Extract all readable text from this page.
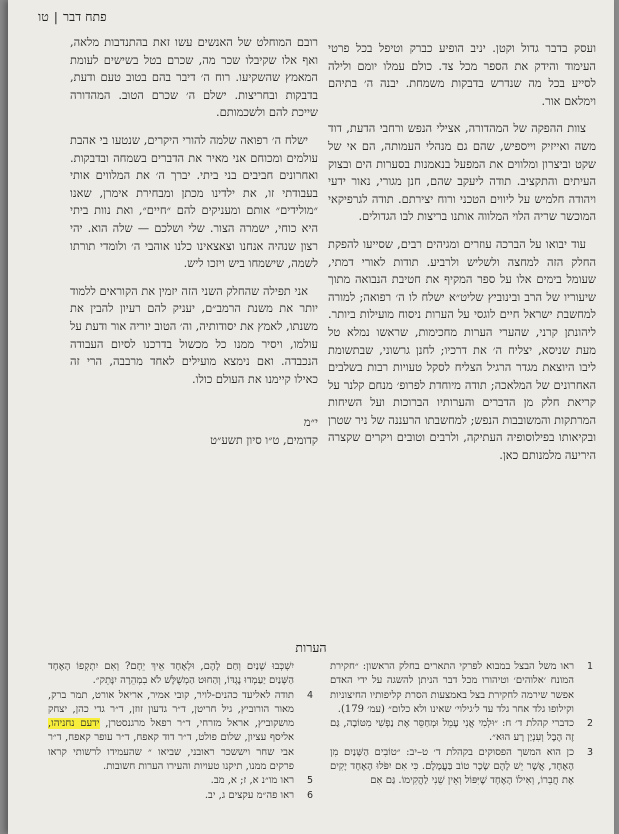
פתח דבר
|
טו

ועסק בדבר גדול וקטן. יניב הופיע כברק וטיפל בכל פרטי העימוד והידק את הספר מכל צד. כולם עמלו יומם ולילה לסייע בכל מה שנדרש בדבקות משמחת. יבנה ה׳ בתיהם וימלאם אור.

צוות ההפקה של המהדורה, אצילי הנפש ורחבי הדעת, דוד משה ואייזיק וייספיש, שהם גם מנהלי העמותה, הם אי של שקט וביצרון ומלווים את המפעל בנאמנות בסערות הים ובצוק העיתים והתקציב. תודה ליעקב שהם, חנן מגורי, נאור ידעי ויהודה חלמיש על ליווים הטכני ורוח יצירתם. תודה לגרפיקאי המוכשר שריה הלוי המלווה אותנו בריצות לבו הגדולים.

עוד יבואו על הברכה עוזרים ומגיהים רבים, שסייעו להפקת החלק הזה למחצה ולשליש ולרביע. תודות לאורי דמתי, שעומל בימים אלו על ספר המקיף את חטיבת הנבואה מתוך שיעוריו של הרב ובינוביץ שליט״א ישלח לו ה׳ רפואה; למורה למחשבת ישראל חיים לוגסי על הערות ניסוח מועילות ביותר. ליהונתן קרני, שהערי הערות מחכימות, שראשו נמלא טל מעת שניסא, יצליח ה׳ את דרכיו; לחנן גרשוני, שבתשומת ליבו היוצאת מגדר הרגיל הצליח לסקל טעויות רבות בשלבים האחרונים של המלאכה; תודה מיוחדת לפרופ׳ מנחם קלנר על קריאת חלק מן הדברים והערותיו הברוכות ועל השיחות המרתקות והמשובבות הנפש; למחשבתו הרעננה של ניר שטרן ובקיאותו בפילוסופיה העתיקה, ולרבים וטובים ויקרים שקצרה היריעה מלמנותם כאן.

רובם המוחלט של האנשים עשו זאת בהתנדבות מלאה, ואף אלו שקיבלו שכר מה, שכרם בטל בשישים לעומת המאמץ שהשקיעו. רוח ה׳ דיבר בהם בטוב טעם ודעת, בדבקות ובחריצות. ישלם ה׳ שכרם הטוב. המהדורה שייכת להם ולשכמותם.

ישלח ה׳ רפואה שלמה להורי היקרים, שנטעו בי אהבת עולמים ומכוחם אני מאיר את הדברים בשמחה ובדבקות. ואחרונים חביבים בני ביתי. יברך ה׳ את המלווים אותי בעבודתי זו, את ילדינו מכתן ומבחירת אימרן, שאנו ״מולידים״ אותם ומעניקים להם ״חיים״, ואת נוות ביתי היא כוחי, ישמרה הצור. שלי ושלכם — שלה הוא. יהי רצון שנהיה אנחנו וצאצאינו כלנו אוהבי ה׳ ולומדי תורתו לשמה, שישמחו ביש ויזכו ליש.

אני תפילה שהחלק השני הזה יזמין את הקוראים ללמוד יותר את משנת הרמב״ם, יעניק להם רעיון להבין את משנתו, לאמץ את יסודותיה, וה׳ הטוב יוריה אור ודעת על עולמו, ויסיר ממנו כל מכשול בדרכנו לסיום העבודה הנכבדה. ואם נימצא מועילים לאחד מרבבה, הרי זה כאילו קיימנו את העולם כולו.

י״מ

קדומים, ט״ו סיון תשע״ט

הערות
1
ראו משל הבצל במבוא לפרקי התארים בחלק הראשון: ״חקירת המונח ׳אלוהים׳ וטיהורו מכל דבר הניתן להשגה על ידי האדם אפשר שירמה לחקירת בצל באמצעות הסרת קליפותיו החיצוניות וקילופו גלד אחר גלד עד ל׳גילוי׳ שאינו ולא כלום״ (עמ׳ 179).
2
כדברי קהלת ד׳ ח: ״וּלְמִי אֲנִי עָמֵל וּמְחַסֵּר אֶת נַפְשִׁי מִטּוֹבָה, גַּם זֶה הֶבֶל וְעִנְיַן רָע הוּא״.
3
כן הוא המשך הפסוקים בקהלת ד׳ ט–יב: ״טוֹבִים הַשְּׁנַיִם מִן הָאֶחָד, אֲשֶׁר יֵשׁ לָהֶם שָׂכָר טוֹב בַּעֲמָלָם. כִּי אִם יִפֹּלוּ הָאֶחָד יָקִים אֶת חֲבֵרוֹ, וְאִילוֹ הָאֶחָד שֶׁיִּפּוֹל וְאֵין שֵׁנִי לַהֲקִימוֹ. גַּם אִם
יִשְׁכְּבוּ שְׁנַיִם וְחַם לָהֶם, וּלְאֶחָד אֵיךְ יֵחָם? וְאִם יִתְקְפוֹ הָאֶחָד הַשְּׁנַיִם יַעַמְדוּ נֶגְדּוֹ, וְהַחוּט הַמְשֻׁלָּשׁ לֹא בִמְהֵרָה יִנָּתֵק״.
4
תודה לאליעד כהנים-לויר, קובי אמיר, אריאל אורט, תמר ברק, מאור הורוביץ, גיל חריטן, ד״ר גדעון זוזן, ד״ר גדי כהן, יצחק מושקוביץ, אראל מזרחי, ד״ר רפאל מרגנסטרן, ידעם נחניהו, אליסף עציון, שלום פולט, ד״ר דוד קאפח, ד״ר עופר קאפח, ד״ר אבי שחר ויששכר ראובני, שביאו ״ שהעמידו לרשותי קראו פרקים ממנו, תיקנו טעויות והעירו הערות חשובות.
5
ראו מו״נ א, ז; א, מב.
6
ראו פה״מ עקצים ג, יב.
